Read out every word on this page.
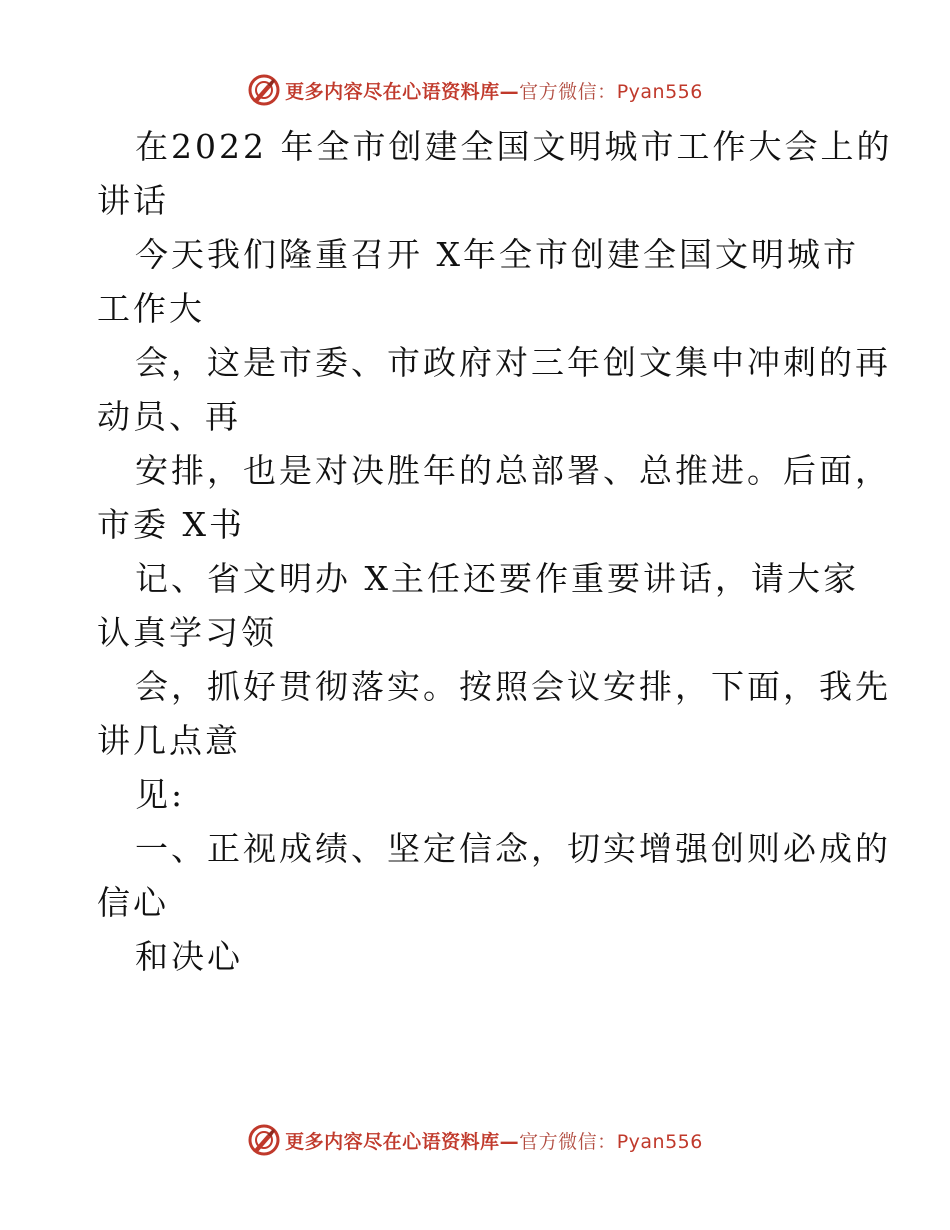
更多内容尽在心语资料库—官方微信：Pyan556
在2022 年全市创建全国文明城市工作大会上的
讲话
今天我们隆重召开 X年全市创建全国文明城市
工作大
会，这是市委、市政府对三年创文集中冲刺的再
动员、再
安排，也是对决胜年的总部署、总推进。后面，
市委 X书
记、省文明办 X主任还要作重要讲话，请大家
认真学习领
会，抓好贯彻落实。按照会议安排，下面，我先
讲几点意
见:
一、正视成绩、坚定信念，切实增强创则必成的
信心
和决心
更多内容尽在心语资料库—官方微信：Pyan556
